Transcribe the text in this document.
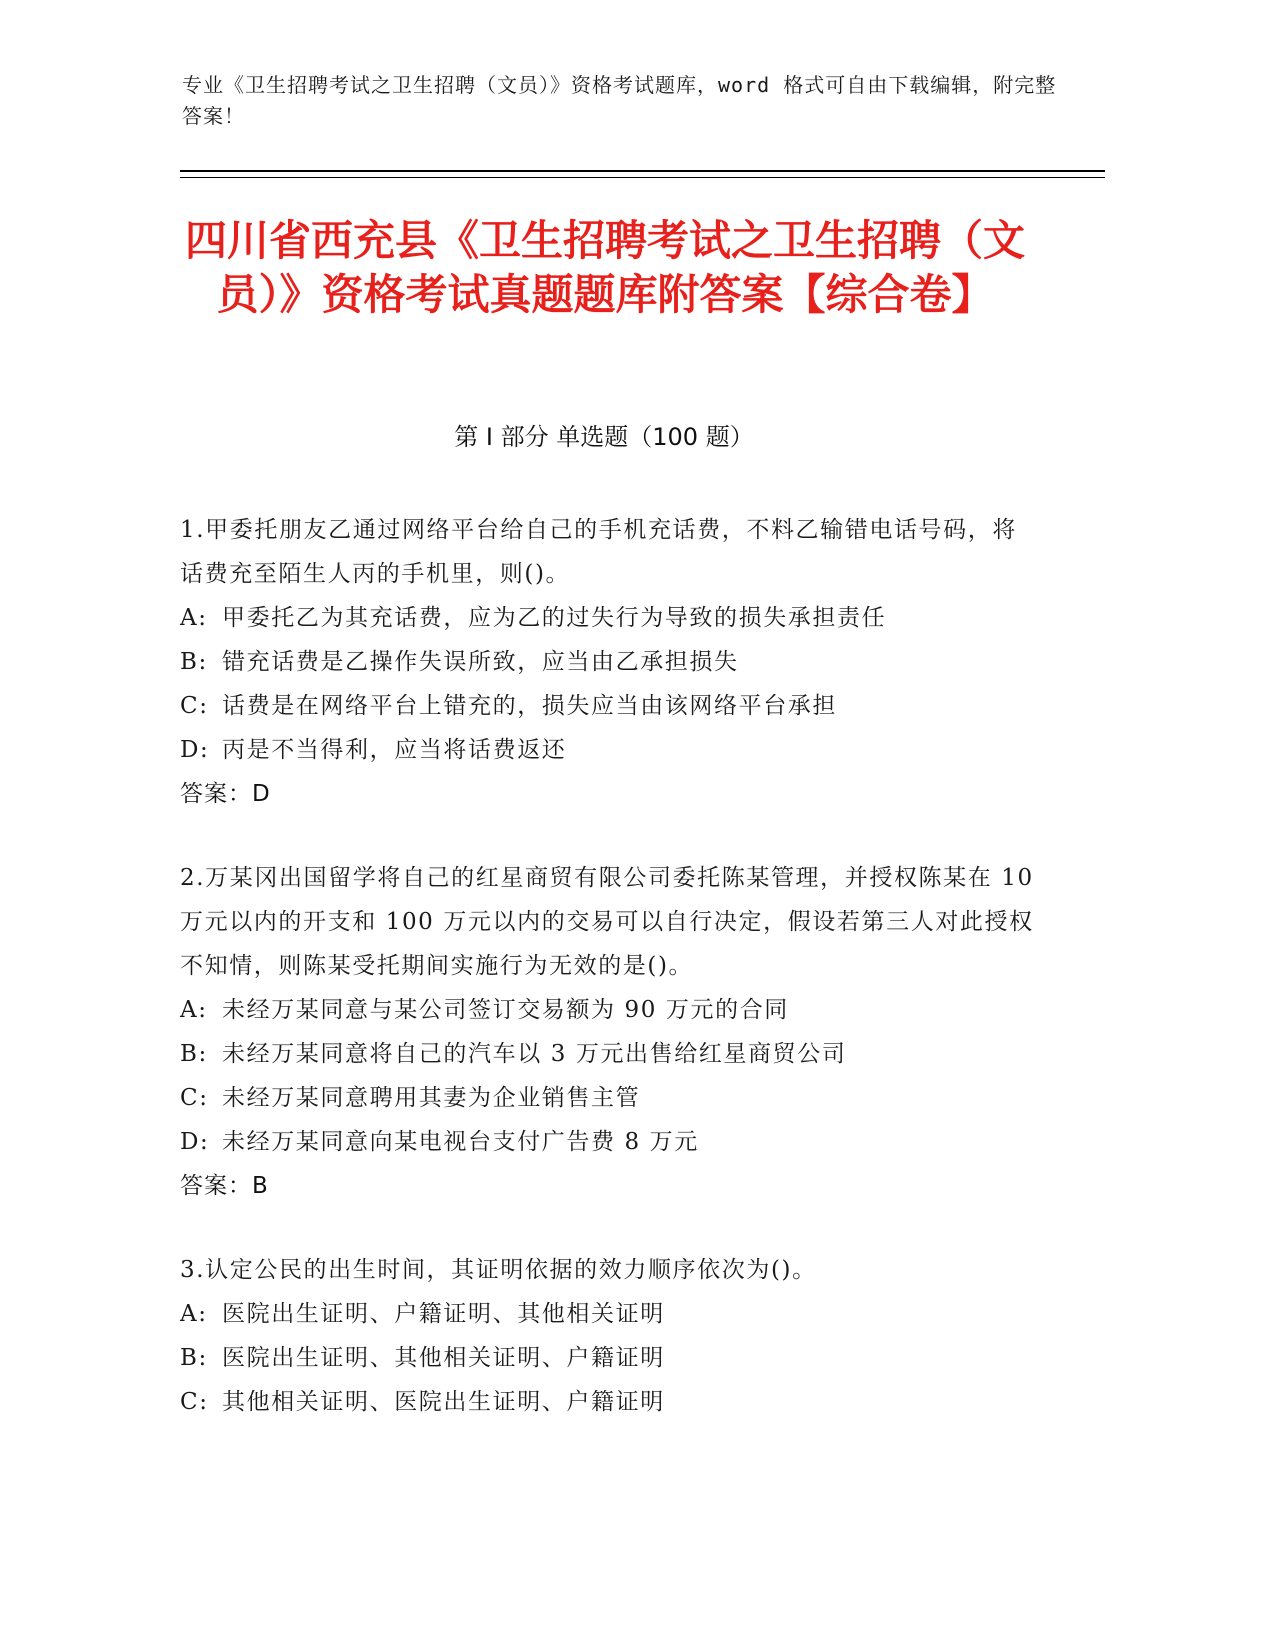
专业《卫生招聘考试之卫生招聘（文员）》资格考试题库，word 格式可自由下载编辑，附完整答案！
四川省西充县《卫生招聘考试之卫生招聘（文员）》资格考试真题题库附答案【综合卷】
第 I 部分 单选题（100 题）
1.甲委托朋友乙通过网络平台给自己的手机充话费，不料乙输错电话号码，将话费充至陌生人丙的手机里，则()。
A: 甲委托乙为其充话费，应为乙的过失行为导致的损失承担责任
B: 错充话费是乙操作失误所致，应当由乙承担损失
C: 话费是在网络平台上错充的，损失应当由该网络平台承担
D: 丙是不当得利，应当将话费返还
答案：D
2.万某冈出国留学将自己的红星商贸有限公司委托陈某管理，并授权陈某在 10 万元以内的开支和 100 万元以内的交易可以自行决定，假设若第三人对此授权不知情，则陈某受托期间实施行为无效的是()。
A: 未经万某同意与某公司签订交易额为 90 万元的合同
B: 未经万某同意将自己的汽车以 3 万元出售给红星商贸公司
C: 未经万某同意聘用其妻为企业销售主管
D: 未经万某同意向某电视台支付广告费 8 万元
答案：B
3.认定公民的出生时间，其证明依据的效力顺序依次为()。
A: 医院出生证明、户籍证明、其他相关证明
B: 医院出生证明、其他相关证明、户籍证明
C: 其他相关证明、医院出生证明、户籍证明
